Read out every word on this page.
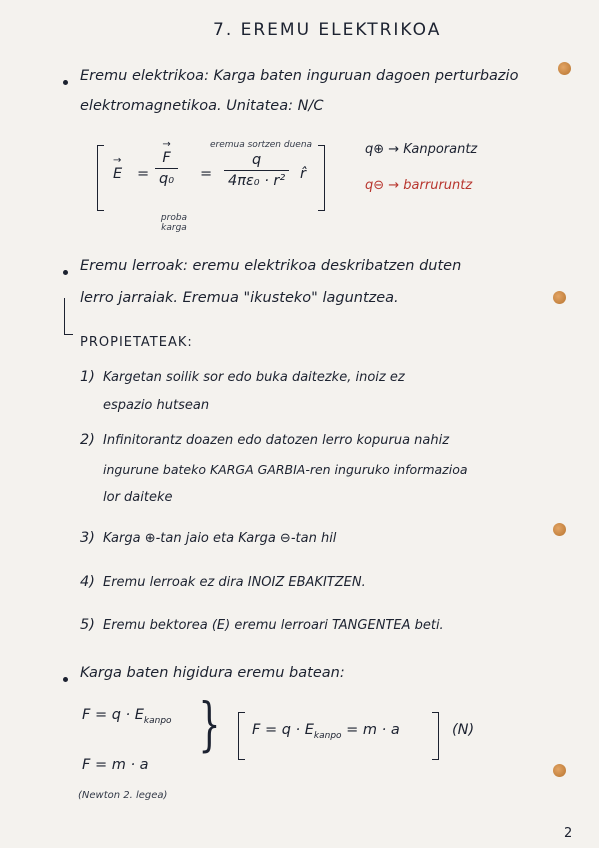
7. EREMU ELEKTRIKOA
Eremu elektrikoa: Karga baten inguruan dagoen perturbazio
elektromagnetikoa. Unitatea: N/C
→ E =
→ F
q₀
proba karga
=
eremua sortzen duena
q
4πε₀ · r² r̂
q⊕ → Kanporantz
q⊖ → barruruntz
Eremu lerroak: eremu elektrikoa deskribatzen duten
lerro jarraiak. Eremua "ikusteko" laguntzea.
PROPIETATEAK:
1) Kargetan soilik sor edo buka daitezke, inoiz ez
espazio hutsean
2) Infinitorantz doazen edo datozen lerro kopurua nahiz
ingurune bateko KARGA GARBIA-ren inguruko informazioa
lor daiteke
3) Karga ⊕-tan jaio eta Karga ⊖-tan hil
4) Eremu lerroak ez dira INOIZ EBAKITZEN.
5) Eremu bektorea (E) eremu lerroari TANGENTEA beti.
Karga baten higidura eremu batean:
$F = q \cdot E_{kanpo}$
F = m · a
(Newton 2. legea)
} $F = q \cdot E_{kanpo} = m \cdot a$	(N)
2
